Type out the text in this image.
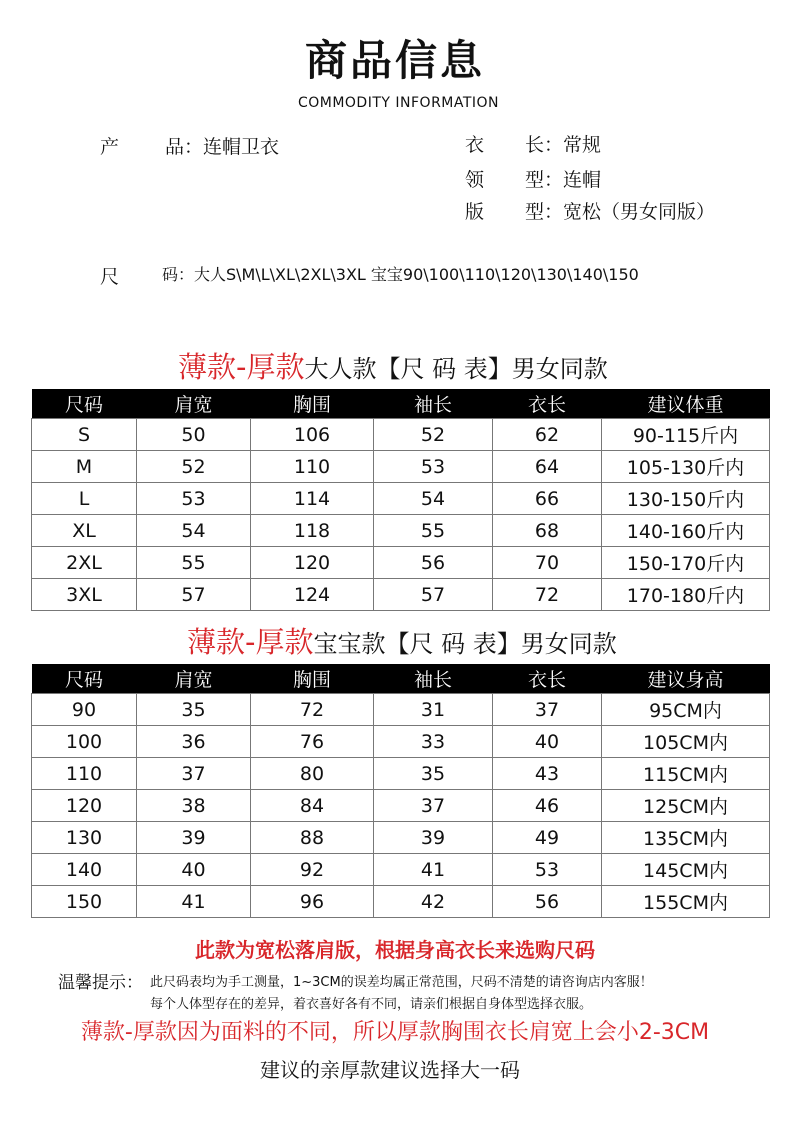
商品信息
COMMODITY INFORMATION
产 品：连帽卫衣	衣 长：常规
领 型：连帽
版 型：宽松（男女同版）
尺	码：大人S\M\L\XL\2XL\3XL 宝宝90\100\110\120\130\140\150
薄款-厚款大人款【尺 码 表】男女同款
尺码	肩宽	胸围	袖长	衣长	建议体重
S	50	106	52	62	90-115斤内
M	52	110	53	64	105-130斤内
L	53	114	54	66	130-150斤内
XL	54	118	55	68	140-160斤内
2XL	55	120	56	70	150-170斤内
3XL	57	124	57	72	170-180斤内
薄款-厚款宝宝款【尺 码 表】男女同款
尺码	肩宽	胸围	袖长	衣长	建议身高
90	35	72	31	37	95CM内
100	36	76	33	40	105CM内
110	37	80	35	43	115CM内
120	38	84	37	46	125CM内
130	39	88	39	49	135CM内
140	40	92	41	53	145CM内
150	41	96	42	56	155CM内
此款为宽松落肩版，根据身高衣长来选购尺码
温馨提示： 此尺码表均为手工测量，1~3CM的误差均属正常范围，尺码不清楚的请咨询店内客服！
每个人体型存在的差异，着衣喜好各有不同，请亲们根据自身体型选择衣服。
薄款-厚款因为面料的不同，所以厚款胸围衣长肩宽上会小2-3CM
建议的亲厚款建议选择大一码
